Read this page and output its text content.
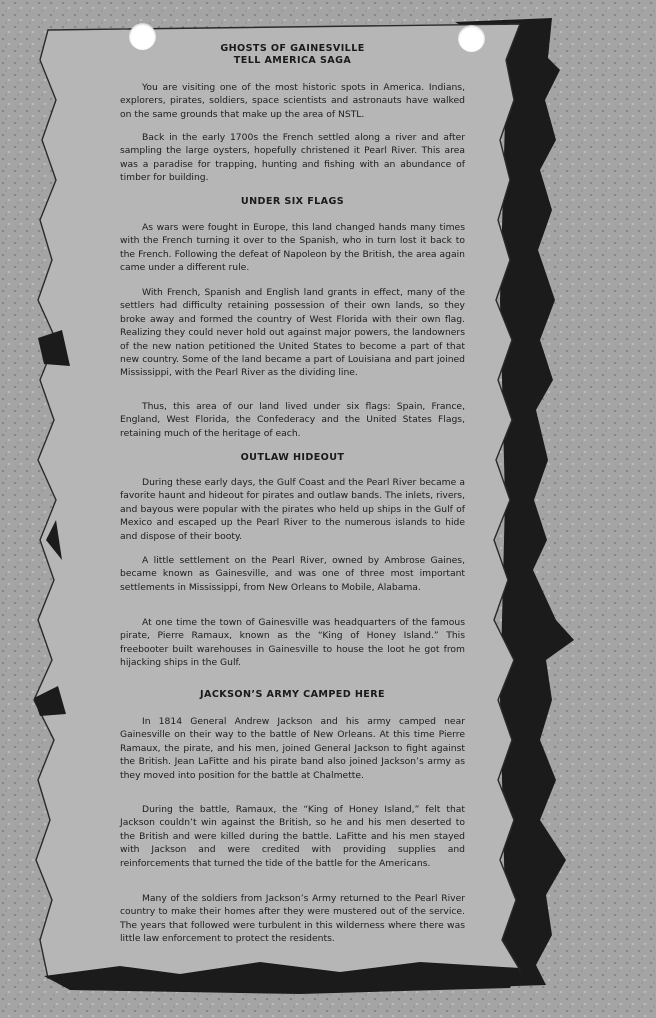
GHOSTS OF GAINESVILLE
TELL AMERICA SAGA

You are visiting one of the most historic spots in America. Indians, explorers, pirates, soldiers, space scientists and astronauts have walked on the same grounds that make up the area of NSTL.

Back in the early 1700s the French settled along a river and after sampling the large oysters, hopefully christened it Pearl River. This area was a paradise for trapping, hunting and fishing with an abundance of timber for building.

UNDER SIX FLAGS

As wars were fought in Europe, this land changed hands many times with the French turning it over to the Spanish, who in turn lost it back to the French. Following the defeat of Napoleon by the British, the area again came under a different rule.

With French, Spanish and English land grants in effect, many of the settlers had difficulty retaining possession of their own lands, so they broke away and formed the country of West Florida with their own flag. Realizing they could never hold out against major powers, the landowners of the new nation petitioned the United States to become a part of that new country. Some of the land became a part of Louisiana and part joined Mississippi, with the Pearl River as the dividing line.

Thus, this area of our land lived under six flags: Spain, France, England, West Florida, the Confederacy and the United States Flags, retaining much of the heritage of each.

OUTLAW HIDEOUT

During these early days, the Gulf Coast and the Pearl River became a favorite haunt and hideout for pirates and outlaw bands. The inlets, rivers, and bayous were popular with the pirates who held up ships in the Gulf of Mexico and escaped up the Pearl River to the numerous islands to hide and dispose of their booty.

A little settlement on the Pearl River, owned by Ambrose Gaines, became known as Gainesville, and was one of three most important settlements in Mississippi, from New Orleans to Mobile, Alabama.

At one time the town of Gainesville was headquarters of the famous pirate, Pierre Ramaux, known as the “King of Honey Island.” This freebooter built warehouses in Gainesville to house the loot he got from hijacking ships in the Gulf.

JACKSON’S ARMY CAMPED HERE

In 1814 General Andrew Jackson and his army camped near Gainesville on their way to the battle of New Orleans. At this time Pierre Ramaux, the pirate, and his men, joined General Jackson to fight against the British. Jean LaFitte and his pirate band also joined Jackson’s army as they moved into position for the battle at Chalmette.

During the battle, Ramaux, the “King of Honey Island,” felt that Jackson couldn’t win against the British, so he and his men deserted to the British and were killed during the battle. LaFitte and his men stayed with Jackson and were credited with providing supplies and reinforcements that turned the tide of the battle for the Americans.

Many of the soldiers from Jackson’s Army returned to the Pearl River country to make their homes after they were mustered out of the service. The years that followed were turbulent in this wilderness where there was little law enforcement to protect the residents.
